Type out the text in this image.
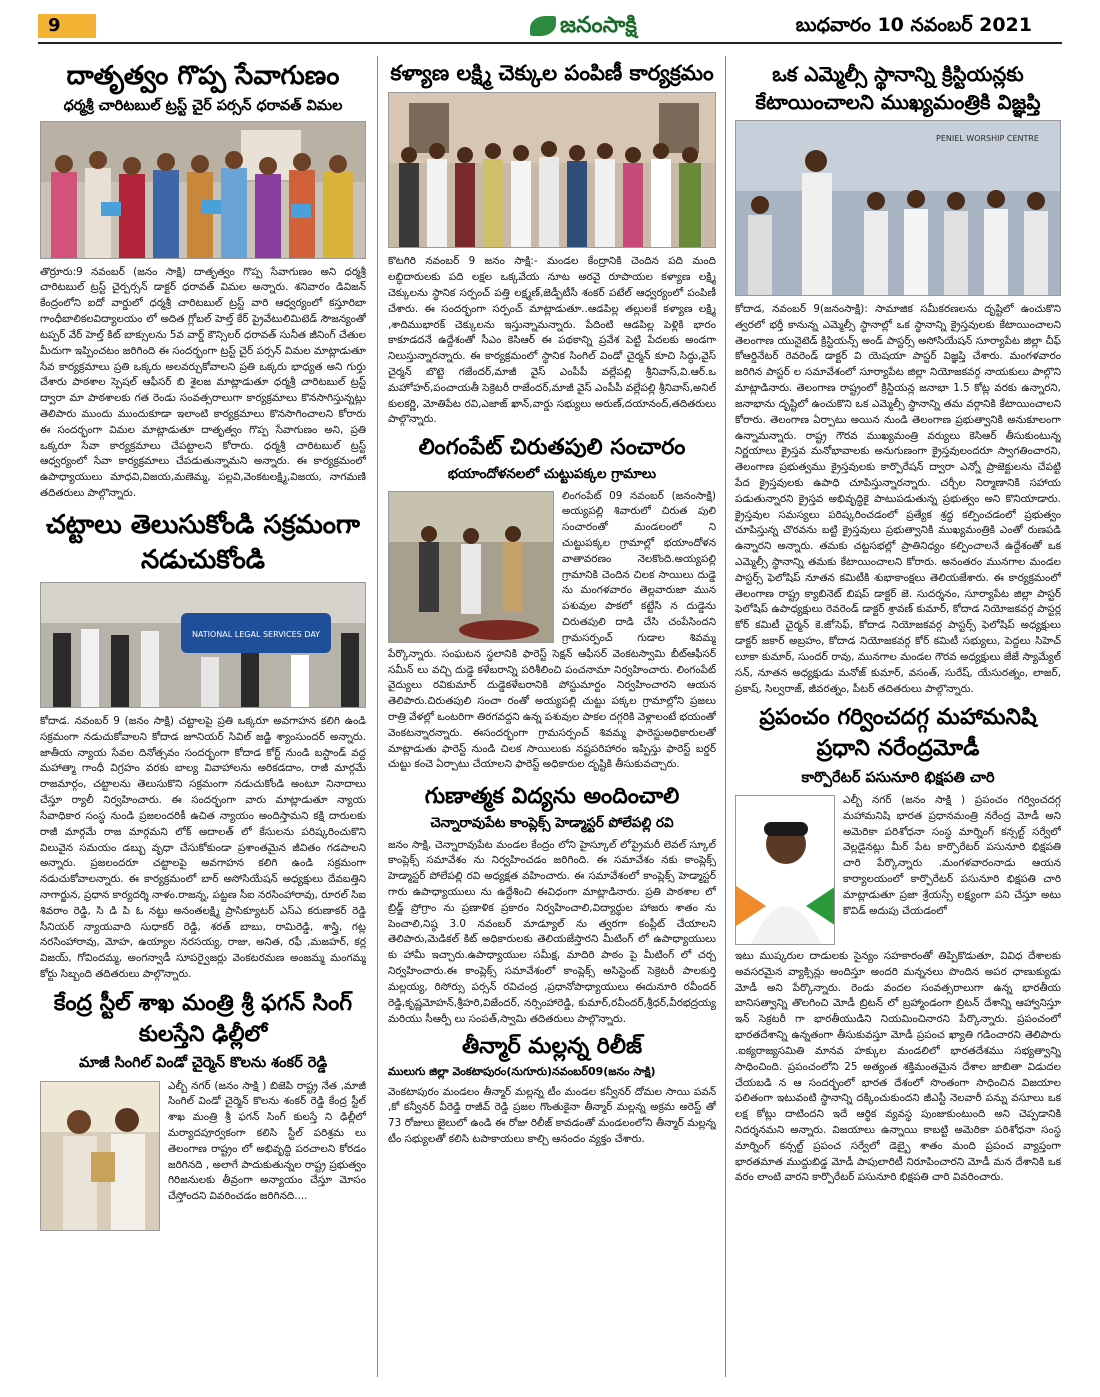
9	జనంసాక్షి	బుధవారం 10 నవంబర్ 2021
దాతృత్వం గొప్ప సేవాగుణం
ధర్మశ్రీ చారిటబుల్ ట్రస్ట్ చైర్ పర్సన్ ధరావత్ విమల
తొర్రూరు:9 నవంబర్ (జనం సాక్షి) దాతృత్వం గొప్ప సేవాగుణం అని ధర్మశ్రీ చారిటబుల్ ట్రస్ట్ చైర్పర్సన్ డాక్టర్ ధరావత్ విమల అన్నారు. శనివారం డివిజన్ కేంద్రంలోని ఐదో వార్డులో ధర్మశ్రీ చారిటబుల్ ట్రస్ట్ వారి ఆధ్వర్యంలో కస్తూరిబా గాంధీబాలికలవిద్యాలయం లో అదిత గ్లోబల్ హెల్త్ కేర్ ప్రైవేటులిమిటెడ్ సౌజన్యంతో టప్పర్ వేర్ హెల్త్ కిట్ బాక్సులను 5వ వార్డ్ కౌన్సిలర్ ధరావత్ సునీత జీనింగ్ చేతుల మీదుగా ఇప్పించటం జరిగింది ఈ సందర్భంగా ట్రస్ట్ చైర్ పర్సన్ విమల మాట్లాడుతూ సేవ కార్యక్రమాలు ప్రతి ఒక్కరు అలవర్చుకోవాలని ప్రతి ఒక్కరు భాధ్యత అని గుర్తు చేశారు పాఠశాల స్పెషల్ ఆఫీసర్ బి శైలజ మాట్లాడుతూ ధర్మశ్రీ చారిటబుల్ ట్రస్ట్ ద్వారా మా పాఠశాలకు గత రెండు సంవత్సరాలుగా కార్యక్రమాలు కొనసాగిస్తున్నట్లు తెలిపారు ముందు ముందుకూడా ఇలాంటి కార్యక్రమాలు కొనసాగించాలని కోరారు ఈ సందర్భంగా విమల మాట్లాడుతూ దాతృత్వం గొప్ప సేవాగుణం అని, ప్రతి ఒక్కరూ సేవా కార్యక్రమాలు చేపట్టాలని కోరారు. ధర్మశ్రీ చారిటబుల్ ట్రస్ట్ ఆధ్వర్యంలో సేవా కార్యక్రమాలు చేపడుతున్నామని అన్నారు. ఈ కార్యక్రమంలో ఉపాధ్యాయులు మాధవి,విజయ,మణెమ్మ, పల్లవి,వెంకటలక్ష్మి,విజయ, నాగమణి తదితరులు పాల్గొన్నారు.
చట్టాలు తెలుసుకోండి సక్రమంగా నడుచుకోండి
NATIONAL LEGAL SERVICES DAY
కోదాడ. నవంబర్ 9 (జనం సాక్షి) చట్టాలపై ప్రతి ఒక్కరూ అవగాహన కలిగి ఉండి సక్రమంగా నడుచుకోవాలని కోదాడ జూనియర్ సివిల్ జడ్జి శ్యాంసుందర్ అన్నారు. జాతీయ న్యాయ సేవల దినోత్సవం సందర్భంగా కోదాడ కోర్ట్ నుండి బస్టాండ్ వద్ద మహాత్మా గాంధీ విగ్రహం వరకు బాల్య వివాహాలను అరికడదాం, రాజీ మార్గమే రాజమార్గం, చట్టాలను తెలుసుకొని సక్రమంగా నడుచుకోండి అంటూ నినాదాలు చేస్తూ ర్యాలీ నిర్వహించారు. ఈ సందర్భంగా వారు మాట్లాడుతూ న్యాయ సేవాధికార సంస్థ నుండి ప్రజలందరికీ ఉచిత న్యాయం అందిస్తామని కక్షి దారులకు రాజీ మార్గమే రాజ మార్గమని లోక్ అదాలత్ లో కేసులను పరిష్కరించుకొని విలువైన సమయం డబ్బు వృధా చేసుకోకుండా ప్రశాంతమైన జీవితం గడపాలని అన్నారు. ప్రజలందరూ చట్టాలపై అవగాహన కలిగి ఉండి సక్రమంగా నడుచుకోవాలన్నారు. ఈ కార్యక్రమంలో బార్ అసోసియేషన్ అధ్యక్షులు దేవబత్తిని నాగార్జున, ప్రధాన కార్యదర్శి నాళం.రాజన్న, పట్టణ సీఐ నరసింహారావు, రూరల్ సిఐ శివరాం రెడ్డి, సి డి పి ఓ నట్టు అనంతలక్ష్మి ప్రాసిక్యూటర్ ఎస్ఎ కరుణాకర్ రెడ్డి సీనియర్ న్యాయవాది సుధాకర్ రెడ్డి, శరత్ బాబు, రామిరెడ్డి, శాస్త్రి, గట్ల నరసింహారావు, మోహ, ఉయ్యాల నరసయ్య, రాజు, అనిత, రఫీ ,మజహర్, కర్ల విజయ్, గోవిందమ్మ, అంగన్వాడీ సూపర్వైజర్లు వెంకటరమణ అంజమ్మ మంగమ్మ కోర్టు సిబ్బంది తదితరులు పాల్గొన్నారు.
కేంద్ర స్టీల్ శాఖ మంత్రి శ్రీ ఫగన్ సింగ్ కులస్తేని ఢిల్లీలో
మాజీ సింగిల్ విండో చైర్మెన్ కొలను శంకర్ రెడ్డి
ఎల్బీ నగర్ (జనం సాక్షి ) బిజెపి రాష్ట్ర నేత ,మాజీ సింగిల్ విండో చైర్మెన్ కొలను శంకర్ రెడ్డి కేంద్ర స్టీల్ శాఖ మంత్రి శ్రీ ఫగన్ సింగ్ కులస్తే ని ఢిల్లీలో మర్యాదపూర్వకంగా కలిసి స్టీల్ పరిశ్రమ లు తెలంగాణ రాష్ట్రం లో అభివృద్ధి పరచాలని కోరడం జరిగినది , అలాగే పాదుకుతున్నల రాష్ట్ర ప్రభుత్వం గిరిజనులకు తీవ్రంగా అన్యాయం చేస్తూ మోసం చేస్తోందని వివరించడం జరిగినది....
కళ్యాణ లక్ష్మి చెక్కుల పంపిణీ కార్యక్రమం
కొటగిరి నవంబర్ 9 జనం సాక్షి:- మండల కేంద్రానికి చెందిన పది మంది లబ్ధిదారులకు పది లక్షల ఒక్కవేయ నూట అరవై రూపాయల కళ్యాణ లక్ష్మి చెక్కులను స్థానిక సర్పంచ్ పత్తి లక్ష్మణ్,జెడ్పీటీసీ శంకర్ పటేల్ ఆధ్వర్యంలో పంపిణీ చేశారు. ఈ సందర్భంగా సర్పంచ్ మాట్లాడుతూ..ఆడపిల్ల తల్లులకే కళ్యాణ లక్ష్మి ,శాదిముభారక్ చెక్కులను ఇస్తున్నామన్నారు. పేదింటి ఆడపిల్ల పెళ్లికి భారం కాకూడదనే ఉద్దేశంతో సీఎం కెసిఆర్ ఈ పథకాన్ని ప్రవేశ పెట్టి పేదలకు అండగా నిలుస్తున్నారన్నారు. ఈ కార్యక్రమంలో స్థానిక సింగిల్ విండో చైర్మన్ కూచి సిద్ధు,వైస్ చైర్మన్ బొట్టె గజేందర్,మాజీ వైస్ ఎంపీపీ వల్లేపల్లి శ్రీనివాస్,వి.ఆర్.ఒ మహోహర్,పంచాయతీ సెక్రెటరీ రాజేందర్,మాజీ వైస్ ఎంపీపీ వల్లేపల్లి శ్రీనివాస్,అనిల్ కులకర్ణి, మోతిపేట రవి,ఎజాజ్ ఖాన్,వార్డు సభ్యులు అరుణ్,దయానంద్,తదితరులు పాల్గొన్నారు.
లింగంపేట్ చిరుతపులి సంచారం
భయాందోళనలలో చుట్టుపక్కల గ్రామాలు
లింగంపేట్ 09 నవంబర్ (జనంసాక్షి) అయ్యపల్లి శివారులో చిరుత పులి సంచారంతో మండలంలో ని చుట్టుపక్కల గ్రామాల్లో భయాందోళన వాతావరణం నెలకొంది.అయ్యపల్లి గ్రామానికి చెందిన చిలక సాయిలు దుడ్డె ను మంగళవారం తెల్లవారుజా మున పశువుల పాకలో కట్టేసి న దుడ్డెను చిరుతపులి దాడి చేసి చంపేసిందని గ్రామసర్పంచ్ గుడాల శివమ్మ పేర్కొన్నారు. సంఘటన స్థలానికి ఫారెస్ట్ సెక్షన్ ఆఫీసర్ వెంకటస్వామి బీట్ఆఫీసర్ సమీన్ లు వచ్చి దుడ్డె కళేబరాన్ని పరిశీలించి పంచనామా నిర్వహించారు. లింగంపేట్ వైద్యులు రవికుమార్ దుడ్డెకళేబరానికి పోస్టుమార్టం నిర్వహించారని ఆయన తెలిపారు.చిరుతపులి సంచా రంతో అయ్యపల్లి చుట్టు పక్కల గ్రామాల్లోని ప్రజలు రాత్రి వేళల్లో ఒంటరిగా తిరగవద్దని ఉన్న పశువుల పాకల దగ్గరికి వెళ్లాలంటే భయంతో వెంకటన్నారన్నారు. ఈసందర్భంగా గ్రామసర్పంచ్ శివమ్మ ఫారెస్టుఅధికారులతో మాట్లాడుతు ఫారెస్ట్ నుండి చిలక సాయిలుకు నష్టపరిహారం ఇప్పిస్తు ఫారెస్ట్ బర్డర్ చుట్టు కంచె ఏర్పాటు చేయాలని ఫారెస్ట్ అధికారుల దృష్టికి తీసుకువచ్చారు.
గుణాత్మక విద్యను అందించాలి
చెన్నారావుపేట కాంప్లెక్స్ హెడ్మాస్టర్ పోలేపల్లి రవి
జనం సాక్షి, చెన్నారావుపేట మండల కేంద్రం లోని హైస్కూల్ లోప్రైమరీ లెవల్ స్కూల్ కాంప్లెక్స్ సమావేశం ను నిర్వహించడం జరిగింది. ఈ సమావేశం నకు కాంప్లెక్స్ హెడ్మాస్టర్ పోలేపల్లి రవి అధ్యక్షత వహించారు. ఈ సమావేశంలో కాంప్లెక్స్ హెడ్మాస్టర్ గారు ఉపాధ్యాయులు ను ఉద్దేశించి ఈవిధంగా మాట్లాడినారు. ప్రతి పాఠశాల లో బ్రిడ్జ్ ప్రోగ్రాం ను ప్రణాళిక ప్రకారం నిర్వహించాలి,విద్యార్థుల హాజరు శాతం ను పెంచాలి,నిష్ఠ 3.0 నవంబర్ మాడ్యూల్ ను త్వరగా కంప్లీట్ చేయాలని తెలిపారు,మెడికల్ కిట్ అధికారులకు తెలియజేస్తారని మీటింగ్ లో ఉపాధ్యాయులు కు హామీ ఇచ్చారు.ఉపాధ్యాయుల సమీక్ష, మాదిరి పాఠం పై మీటింగ్ లో చర్చ నిర్వహించారు.ఈ కాంప్లెక్స్ సమావేశంలో కాంప్లెక్స్ అసిస్టెంట్ సెక్రెటరీ పాలకుర్తి మల్లయ్య, రిసోర్సు పర్సన్ రవిచంద్ర ,ప్రధానోపాధ్యాయులు ఈదునూరి రవీందర్ రెడ్డి,కృష్ణమోహన్,శ్రీహరి,విజేందర్, నర్సింహారెడ్డి, కుమార్,రవీందర్,శ్రీధర్,వీరభద్రయ్య మరియు సీఆర్పీ లు సంపత్,స్వామి తదితరులు పాల్గొన్నారు.
తీన్మార్ మల్లన్న రిలీజ్
ములుగు జిల్లా వెంకటాపురం(నుగూరు)నవంబర్09(జనం సాక్షి)
వెంకటాపురం మండలం తీన్మార్ మల్లన్న టీం మండల కన్వీనర్ దోమల సాయి పవన్ ,కో కన్వీనర్ వీరెడ్డి రాజీవ్ రెడ్డి ప్రజల గొంతుకైనా తీన్మార్ మల్లన్న అక్రమ అరెస్ట్ తో 73 రోజులు జైలులో ఉండి ఈ రోజు రిలీజ్ కావడంతో మండలంలోని తీన్మార్ మల్లన్న టీం సభ్యులతో కలిసి టపాకాయలు కాల్చి ఆనందం వ్యక్తం చేశారు.
ఒక ఎమ్మెల్సీ స్థానాన్ని క్రిస్టియన్లకు కేటాయించాలని ముఖ్యమంత్రికి విజ్ఞప్తి
PENIEL WORSHIP CENTRE
కోదాడ, నవంబర్ 9(జనంసాక్షి): సామాజిక సమీకరణలను దృష్టిలో ఉంచుకొని త్వరలో భర్తీ కానున్న ఎమ్మెల్సీ స్థానాల్లో ఒక స్థానాన్ని క్రైస్తవులకు కేటాయించాలని తెలంగాణ యునైటెడ్ క్రిస్టియన్స్ అండ్ పాస్టర్స్ అసోసియేషన్ సూర్యాపేట జిల్లా చీఫ్ కోఆర్డినేటర్ రెవరెండ్ డాక్టర్ వి యెషయా పాస్టర్ విజ్ఞప్తి చేశారు. మంగళవారం జరిగిన పాస్టర్ ల సమావేశంలో సూర్యాపేట జిల్లా నియోజకవర్గ నాయకులు పాల్గొని మాట్లాడినారు. తెలంగాణ రాష్ట్రంలో క్రిస్టియన్ల జనాభా 1.5 కోట్ల వరకు ఉన్నారని, జనాభాను దృష్టిలో ఉంచుకొని ఒక ఎమ్మెల్సీ స్థానాన్ని తమ వర్గానికి కేటాయించాలని కోరారు. తెలంగాణ ఏర్పాటు అయిన నుండి తెలంగాణ ప్రభుత్వానికి అనుకూలంగా ఉన్నామన్నారు. రాష్ట్ర గౌరవ ముఖ్యమంత్రి వర్యులు కెసిఆర్ తీసుకుంటున్న నిర్ణయాలు క్రైస్తవ మనోభావాలకు అనుగుణంగా క్రైస్తవులందరూ స్వాగతించారని, తెలంగాణ ప్రభుత్వము క్రైస్తవులకు కార్పొరేషన్ ద్వారా ఎన్నో ప్రాజెక్టులను చేపట్టి పేద క్రైస్తవులకు ఉపాధి చూపిస్తున్నారన్నారు. చర్చీల నిర్మాణానికి సహాయ పడుతున్నారని క్రైస్తవ అభివృద్ధికై పాటుపడుతున్న ప్రభుత్వం అని కొనియాడారు. క్రైస్తవుల సమస్యలు పరిష్కరించడంలో ప్రత్యేక శ్రద్ధ కల్పించడంలో ప్రభుత్వం చూపిస్తున్న చొరవను బట్టి క్రైస్తవులు ప్రభుత్వానికి ముఖ్యమంత్రికి ఎంతో రుణపడి ఉన్నారని అన్నారు. తమకు చట్టసభల్లో ప్రాతినిధ్యం కల్పించాలనే ఉద్దేశంతో ఒక ఎమ్మెల్సీ స్థానాన్ని తమకు కేటాయించాలని కోరారు. అనంతరం మునగాల మండల పాస్టర్స్ ఫెలోషిప్ నూతన కమిటీకి శుభాకాంక్షలు తెలియజేశారు. ఈ కార్యక్రమంలో తెలంగాణ రాష్ట్ర క్యాబినెట్ బిషప్ డాక్టర్ జె. సుదర్శనం, సూర్యాపేట జిల్లా పాస్టర్ ఫెలోషిప్ ఉపాధ్యక్షులు రెవరెండ్ డాక్టర్ శ్రావణ్ కుమార్, కోదాడ నియోజకవర్గ పాస్టర్ల కోర్ కమిటీ చైర్మన్ కె.జోసెఫ్, కోదాడ నియోజకవర్గ పాస్టర్స్ ఫెలోషిప్ అధ్యక్షులు డాక్టర్ జకార్ అబ్రహం, కోదాడ నియోజకవర్గ కోర్ కమిటీ సభ్యులు, పెద్దలు సిహెచ్ లూకా కుమార్, సుందర్ రావు, మునగాల మండల గౌరవ అధ్యక్షులు జేజే స్యామ్యేల్ సన్, నూతన అధ్యక్షుడు మనోజ్ కుమార్, వసంత్, సురేష్, యేసురత్నం, లాజర్, ప్రకాష్, సిల్వరాజ్, జీవరత్నం, పీటర్ తదితరులు పాల్గొన్నారు.
ప్రపంచం గర్వించదగ్గ మహామనిషి ప్రధాని నరేంద్రమోడీ
కార్పొరేటర్ పసునూరి భిక్షపతి చారి
ఎల్బీ నగర్ (జనం సాక్షి ) ప్రపంచం గర్వించదగ్గ మహామనిషి భారత ప్రధానమంత్రి నరేంద్ర మోడీ అని అమెరికా పరిశోధనా సంస్థ మార్నింగ్ కన్సల్ట్ సర్వేలో వెల్లడైనట్లు మీర్ పేట కార్పొరేటర్ పసునూరి భిక్షపతి చారి పేర్కొన్నారు .మంగళవారంనాడు ఆయన కార్యాలయంలో కార్పొరేటర్ పసునూరి భిక్షపతి చారి మాట్లాడుతూ ప్రజా శ్రేయస్సే లక్ష్యంగా పని చేస్తూ అటు కొవిడ్ అదుపు చేయడంలో
ఇటు ముష్కరుల దాడులకు సైన్యం సహకారంతో తిప్పికొడుతూ, వివిధ దేశాలకు అవసరమైన వ్యాక్సిన్లు అందిస్తూ అందరి మన్ననలు పొందిన అపర ఛాణుక్యుడు మోడీ అని పేర్కొన్నారు. రెండు వందల సంవత్సరాలుగా ఉన్న భారతీయ బానిసత్వాన్ని తొలగించి మోడీ బ్రిటన్ లో బ్రహ్మాండంగా బ్రిటన్ దేశాన్ని ఆహ్వానిస్తూ ఇన్ సెక్రటరీ గా భారతీయుడిని నియమించినారని పేర్కొన్నారు. ప్రపంచంలో భారతదేశాన్ని ఉన్నతంగా తీసుకువస్తూ మోడీ ప్రపంచ ఖ్యాతి గడించారని తెలిపారు .ఐక్యరాజ్యసమితి మానవ హక్కుల మండలిలో భారతదేశము సభ్యత్వాన్ని సాధించింది. ప్రపంచంలోని 25 అత్యంత శక్తిమంతమైన దేశాల జాబితా విడుదల చేయబడి న ఆ సందర్భంలో భారత దేశంలో సొంతంగా సాధించిన విజయాల ఫలితంగా ఇటువంటి స్థానాన్ని దక్కించుకుందని జీఎస్టీ నెలవారీ పన్ను వసూలు ఒక లక్ష కోట్లు దాటిందని ఇదే ఆర్థిక వ్యవస్థ పుంజుకుంటుంది అని చెప్పడానికి నిదర్శనమని అన్నారు. విజయాలు ఉన్నాయి కాబట్టి అమెరికా పరిశోధనా సంస్థ మార్నింగ్ కన్సల్ట్ ప్రపంచ సర్వేలో డెబ్బై శాతం మంది ప్రపంచ వ్యాప్తంగా భారతమాత ముద్దుబిడ్డ మోడీ పాపులారిటీ నిరూపించారని మోడీ మన దేశానికి ఒక వరం లాంటి వారని కార్పొరేటర్ పసునూరి భిక్షపతి చారి వివరించారు.
